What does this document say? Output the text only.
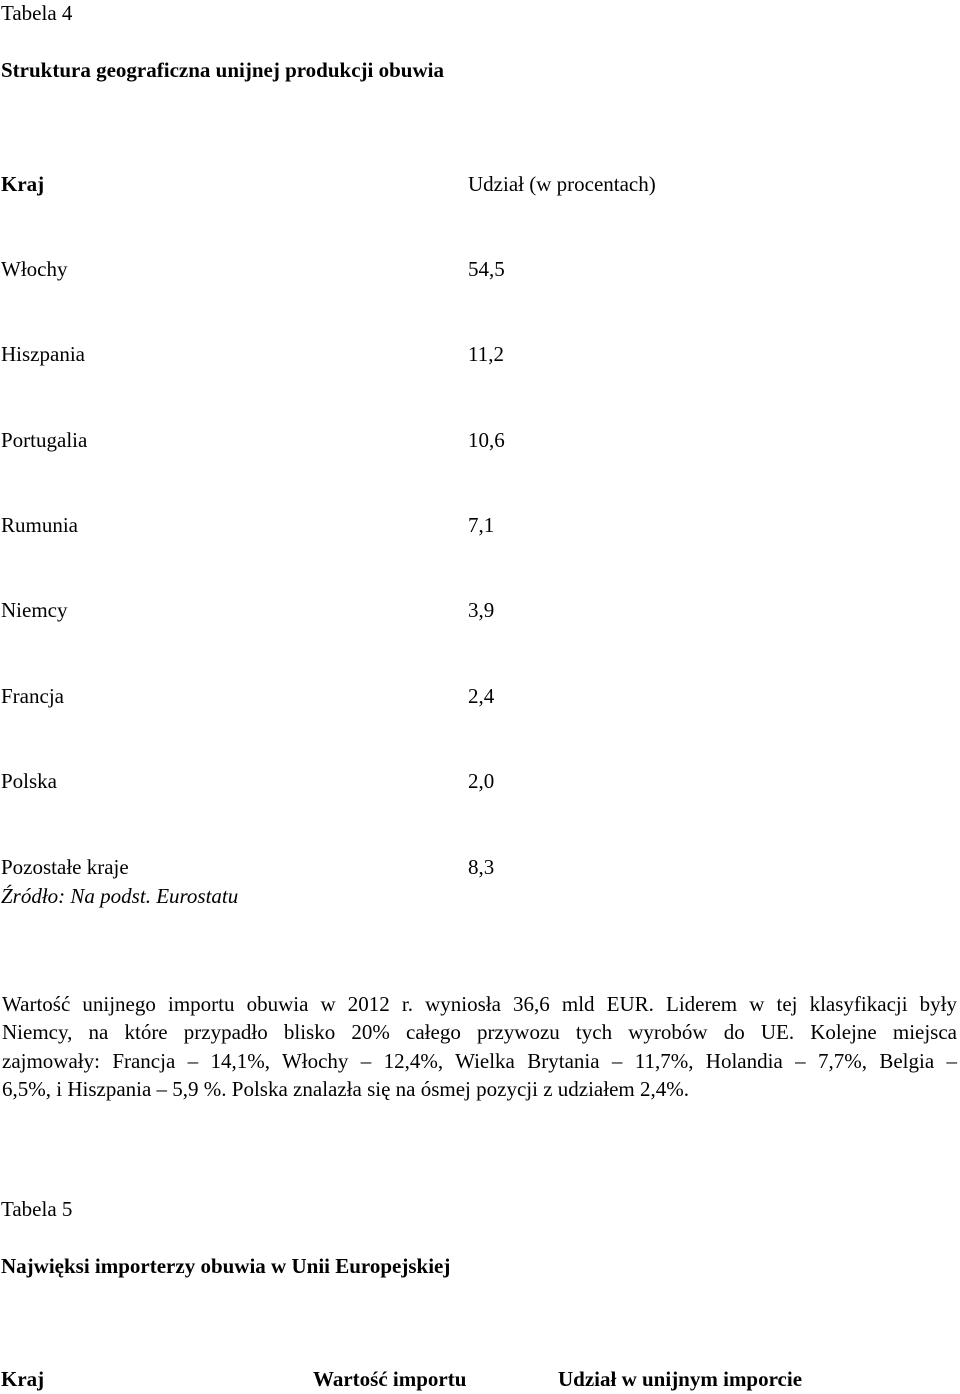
Tabela 4
Struktura geograficzna unijnej produkcji obuwia
Kraj	Udział (w procentach)
Włochy	54,5
Hiszpania	11,2
Portugalia	10,6
Rumunia	7,1
Niemcy	3,9
Francja	2,4
Polska	2,0
Pozostałe kraje	8,3
Źródło: Na podst. Eurostatu
Wartość unijnego importu obuwia w 2012 r. wyniosła 36,6 mld EUR. Liderem w tej klasyfikacji były
Niemcy, na które przypadło blisko 20% całego przywozu tych wyrobów do UE. Kolejne miejsca
zajmowały: Francja – 14,1%, Włochy – 12,4%, Wielka Brytania – 11,7%, Holandia – 7,7%, Belgia –
6,5%, i Hiszpania – 5,9 %. Polska znalazła się na ósmej pozycji z udziałem 2,4%.
Tabela 5
Najwięksi importerzy obuwia w Unii Europejskiej
Kraj	Wartość importu	Udział w unijnym imporcie
